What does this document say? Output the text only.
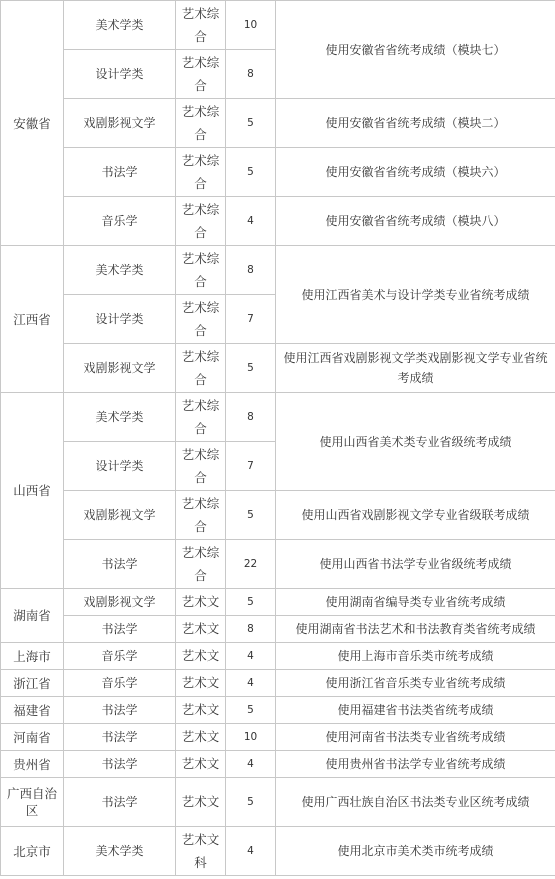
安徽省	美术学类	艺术综合	10	使用安徽省省统考成绩（模块七）
	设计学类	艺术综合	8	
	戏剧影视文学	艺术综合	5	使用安徽省省统考成绩（模块二）
	书法学	艺术综合	5	使用安徽省省统考成绩（模块六）
	音乐学	艺术综合	4	使用安徽省省统考成绩（模块八）
江西省	美术学类	艺术综合	8	使用江西省美术与设计学类专业省统考成绩
	设计学类	艺术综合	7	
	戏剧影视文学	艺术综合	5	使用江西省戏剧影视文学类戏剧影视文学专业省统考成绩
山西省	美术学类	艺术综合	8	使用山西省美术类专业省级统考成绩
	设计学类	艺术综合	7	
	戏剧影视文学	艺术综合	5	使用山西省戏剧影视文学专业省级联考成绩
	书法学	艺术综合	22	使用山西省书法学专业省级统考成绩
湖南省	戏剧影视文学	艺术文	5	使用湖南省编导类专业省统考成绩
	书法学	艺术文	8	使用湖南省书法艺术和书法教育类省统考成绩
上海市	音乐学	艺术文	4	使用上海市音乐类市统考成绩
浙江省	音乐学	艺术文	4	使用浙江省音乐类专业省统考成绩
福建省	书法学	艺术文	5	使用福建省书法类省统考成绩
河南省	书法学	艺术文	10	使用河南省书法类专业省统考成绩
贵州省	书法学	艺术文	4	使用贵州省书法学专业省统考成绩
广西自治区	书法学	艺术文	5	使用广西壮族自治区书法类专业区统考成绩
北京市	美术学类	艺术文科	4	使用北京市美术类市统考成绩
